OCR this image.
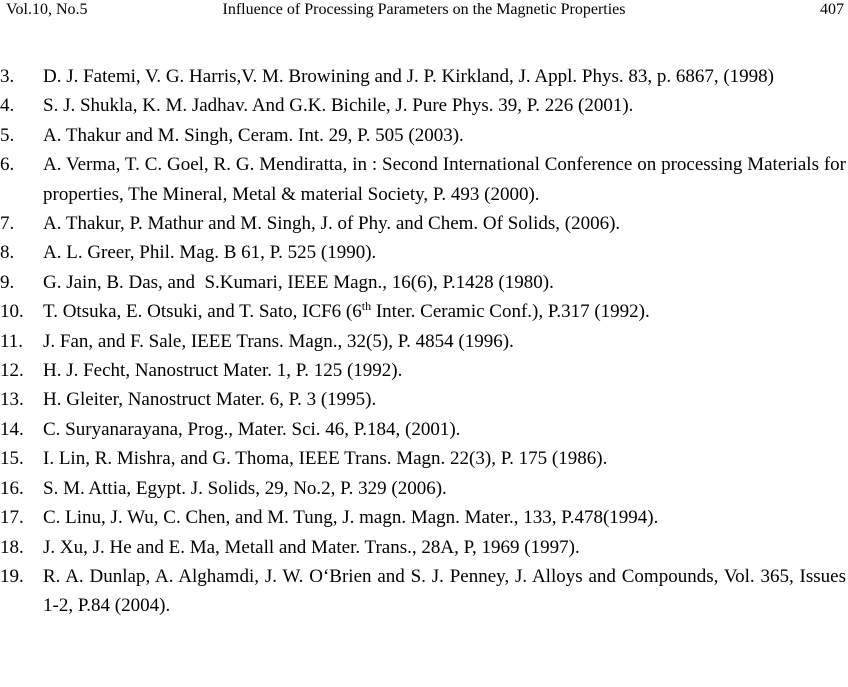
Vol.10, No.5	Influence of Processing Parameters on the Magnetic Properties	407
3. D. J. Fatemi, V. G. Harris,V. M. Browining and J. P. Kirkland, J. Appl. Phys. 83, p. 6867, (1998)
4. S. J. Shukla, K. M. Jadhav. And G.K. Bichile, J. Pure Phys. 39, P. 226 (2001).
5. A. Thakur and M. Singh, Ceram. Int. 29, P. 505 (2003).
6. A. Verma, T. C. Goel, R. G. Mendiratta, in : Second International Conference on processing Materials for properties, The Mineral, Metal & material Society, P. 493 (2000).
7. A. Thakur, P. Mathur and M. Singh, J. of Phy. and Chem. Of Solids, (2006).
8. A. L. Greer, Phil. Mag. B 61, P. 525 (1990).
9. G. Jain, B. Das, and  S.Kumari, IEEE Magn., 16(6), P.1428 (1980).
10. T. Otsuka, E. Otsuki, and T. Sato, ICF6 (6th Inter. Ceramic Conf.), P.317 (1992).
11. J. Fan, and F. Sale, IEEE Trans. Magn., 32(5), P. 4854 (1996).
12. H. J. Fecht, Nanostruct Mater. 1, P. 125 (1992).
13. H. Gleiter, Nanostruct Mater. 6, P. 3 (1995).
14. C. Suryanarayana, Prog., Mater. Sci. 46, P.184, (2001).
15. I. Lin, R. Mishra, and G. Thoma, IEEE Trans. Magn. 22(3), P. 175 (1986).
16. S. M. Attia, Egypt. J. Solids, 29, No.2, P. 329 (2006).
17. C. Linu, J. Wu, C. Chen, and M. Tung, J. magn. Magn. Mater., 133, P.478(1994).
18. J. Xu, J. He and E. Ma, Metall and Mater. Trans., 28A, P, 1969 (1997).
19. R. A. Dunlap, A. Alghamdi, J. W. O‘Brien and S. J. Penney, J. Alloys and Compounds, Vol. 365, Issues 1-2, P.84 (2004).
